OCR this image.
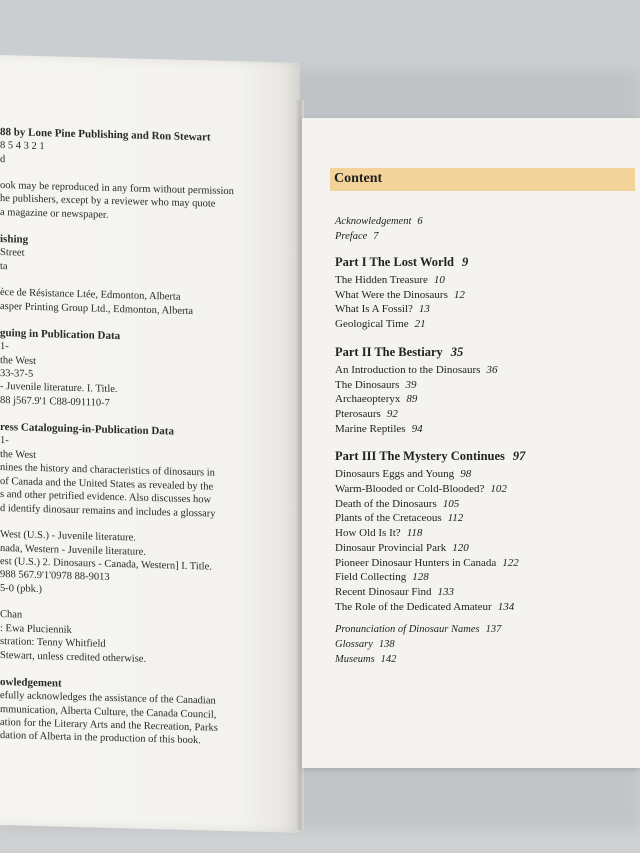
88 by Lone Pine Publishing and Ron Stewart
8 5 4 3 2 1
d
ook may be reproduced in any form without permission
he publishers, except by a reviewer who may quote
a magazine or newspaper.
ishing
Street
ta
èce de Résistance Ltée, Edmonton, Alberta
asper Printing Group Ltd., Edmonton, Alberta
guing in Publication Data
1-
the West
33-37-5
- Juvenile literature. I. Title.
88 j567.9'1 C88-091110-7
ress Cataloguing-in-Publication Data
1-
the West
nines the history and characteristics of dinosaurs in
of Canada and the United States as revealed by the
s and other petrified evidence. Also discusses how
d identify dinosaur remains and includes a glossary
West (U.S.) - Juvenile literature.
nada, Western - Juvenile literature.
est (U.S.) 2. Dinosaurs - Canada, Western] I. Title.
988 567.9'1'0978 88-9013
5-0 (pbk.)
Chan
: Ewa Pluciennik
stration: Tenny Whitfield
Stewart, unless credited otherwise.
owledgement
efully acknowledges the assistance of the Canadian
mmunication, Alberta Culture, the Canada Council,
ation for the Literary Arts and the Recreation, Parks
dation of Alberta in the production of this book.
Content
Acknowledgement 6
Preface 7
Part I The Lost World 9
The Hidden Treasure 10
What Were the Dinosaurs 12
What Is A Fossil? 13
Geological Time 21
Part II The Bestiary 35
An Introduction to the Dinosaurs 36
The Dinosaurs 39
Archaeopteryx 89
Pterosaurs 92
Marine Reptiles 94
Part III The Mystery Continues 97
Dinosaurs Eggs and Young 98
Warm-Blooded or Cold-Blooded? 102
Death of the Dinosaurs 105
Plants of the Cretaceous 112
How Old Is It? 118
Dinosaur Provincial Park 120
Pioneer Dinosaur Hunters in Canada 122
Field Collecting 128
Recent Dinosaur Find 133
The Role of the Dedicated Amateur 134
Pronunciation of Dinosaur Names 137
Glossary 138
Museums 142
